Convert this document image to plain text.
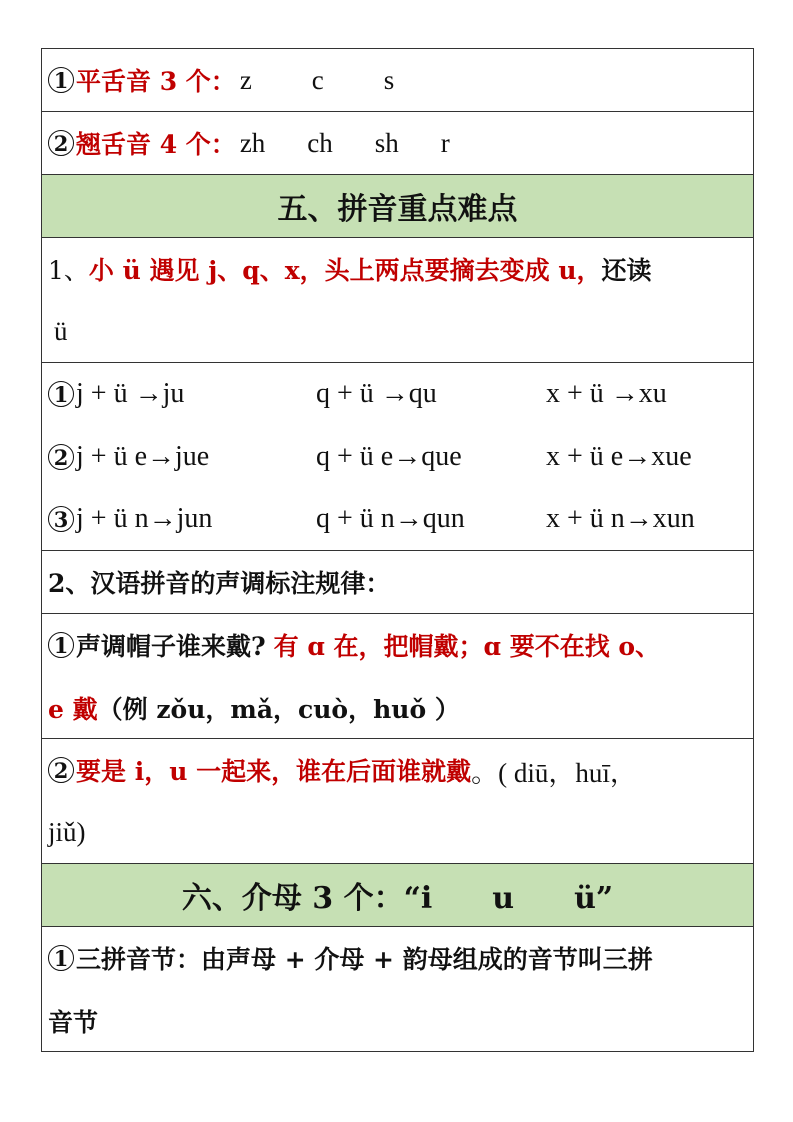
1 平舌音 3 个： z c s
2 翘舌音 4 个： zh ch sh r
五、拼音重点难点
1、 小 ü 遇见 j、q、x，头上两点要摘去变成 u， 还读
ü
1 j + ü →ju	q + ü →qu	x + ü →xu
2 j + ü e→jue	q + ü e→que	x + ü e→xue
3 j + ü n→jun	q + ü n→qun	x + ü n→xun
2、汉语拼音的声调标注规律：
1 声调帽子谁来戴? 有 ɑ 在，把帽戴；ɑ 要不在找 o、
e 戴 （例 zǒu，mǎ，cuò，huǒ ）
2 要是 i，u 一起来，谁在后面谁就戴 。( diū，huī，
jiǔ)
六、介母 3 个：“i　　u　　ü”
1 三拼音节：由声母 + 介母 + 韵母组成的音节叫三拼
音节
